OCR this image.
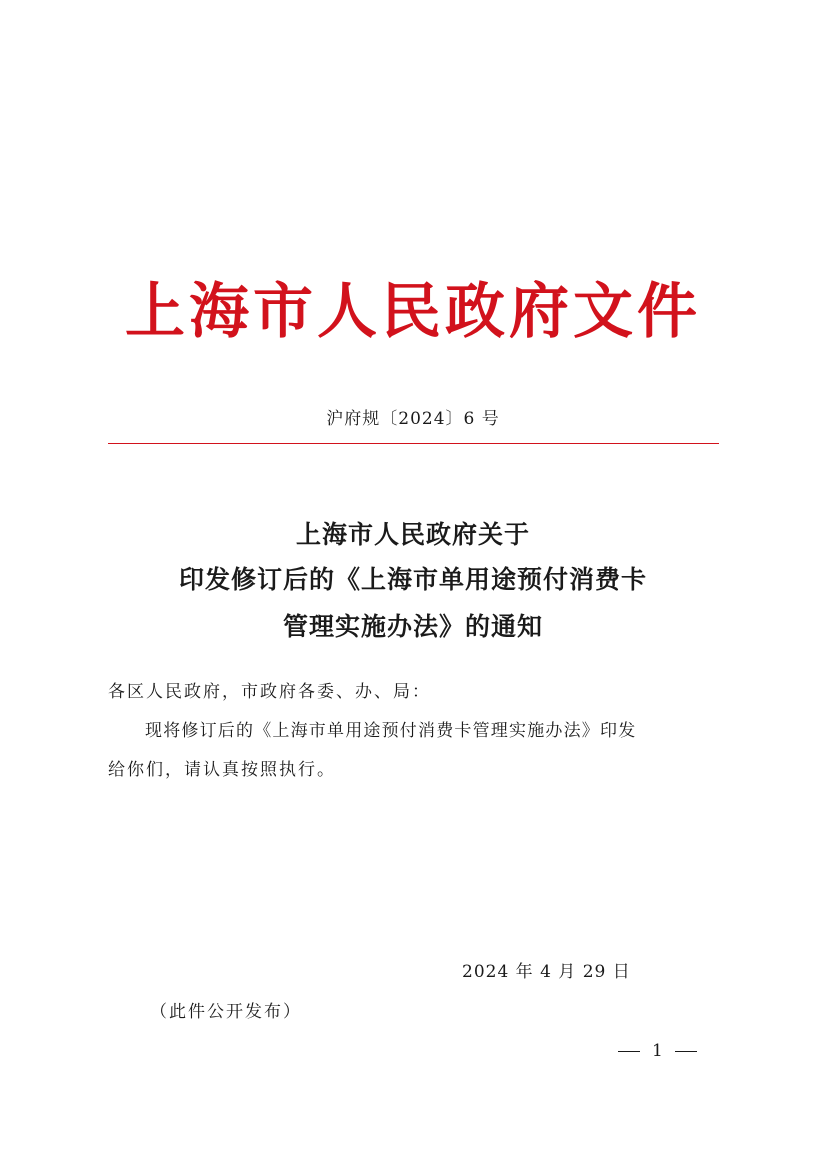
上海市人民政府文件
沪府规〔2024〕6 号
上海市人民政府关于
印发修订后的《上海市单用途预付消费卡
管理实施办法》的通知
各区人民政府，市政府各委、办、局：
现将修订后的《上海市单用途预付消费卡管理实施办法》印发
给你们，请认真按照执行。
2024 年 4 月 29 日
（此件公开发布）
1
